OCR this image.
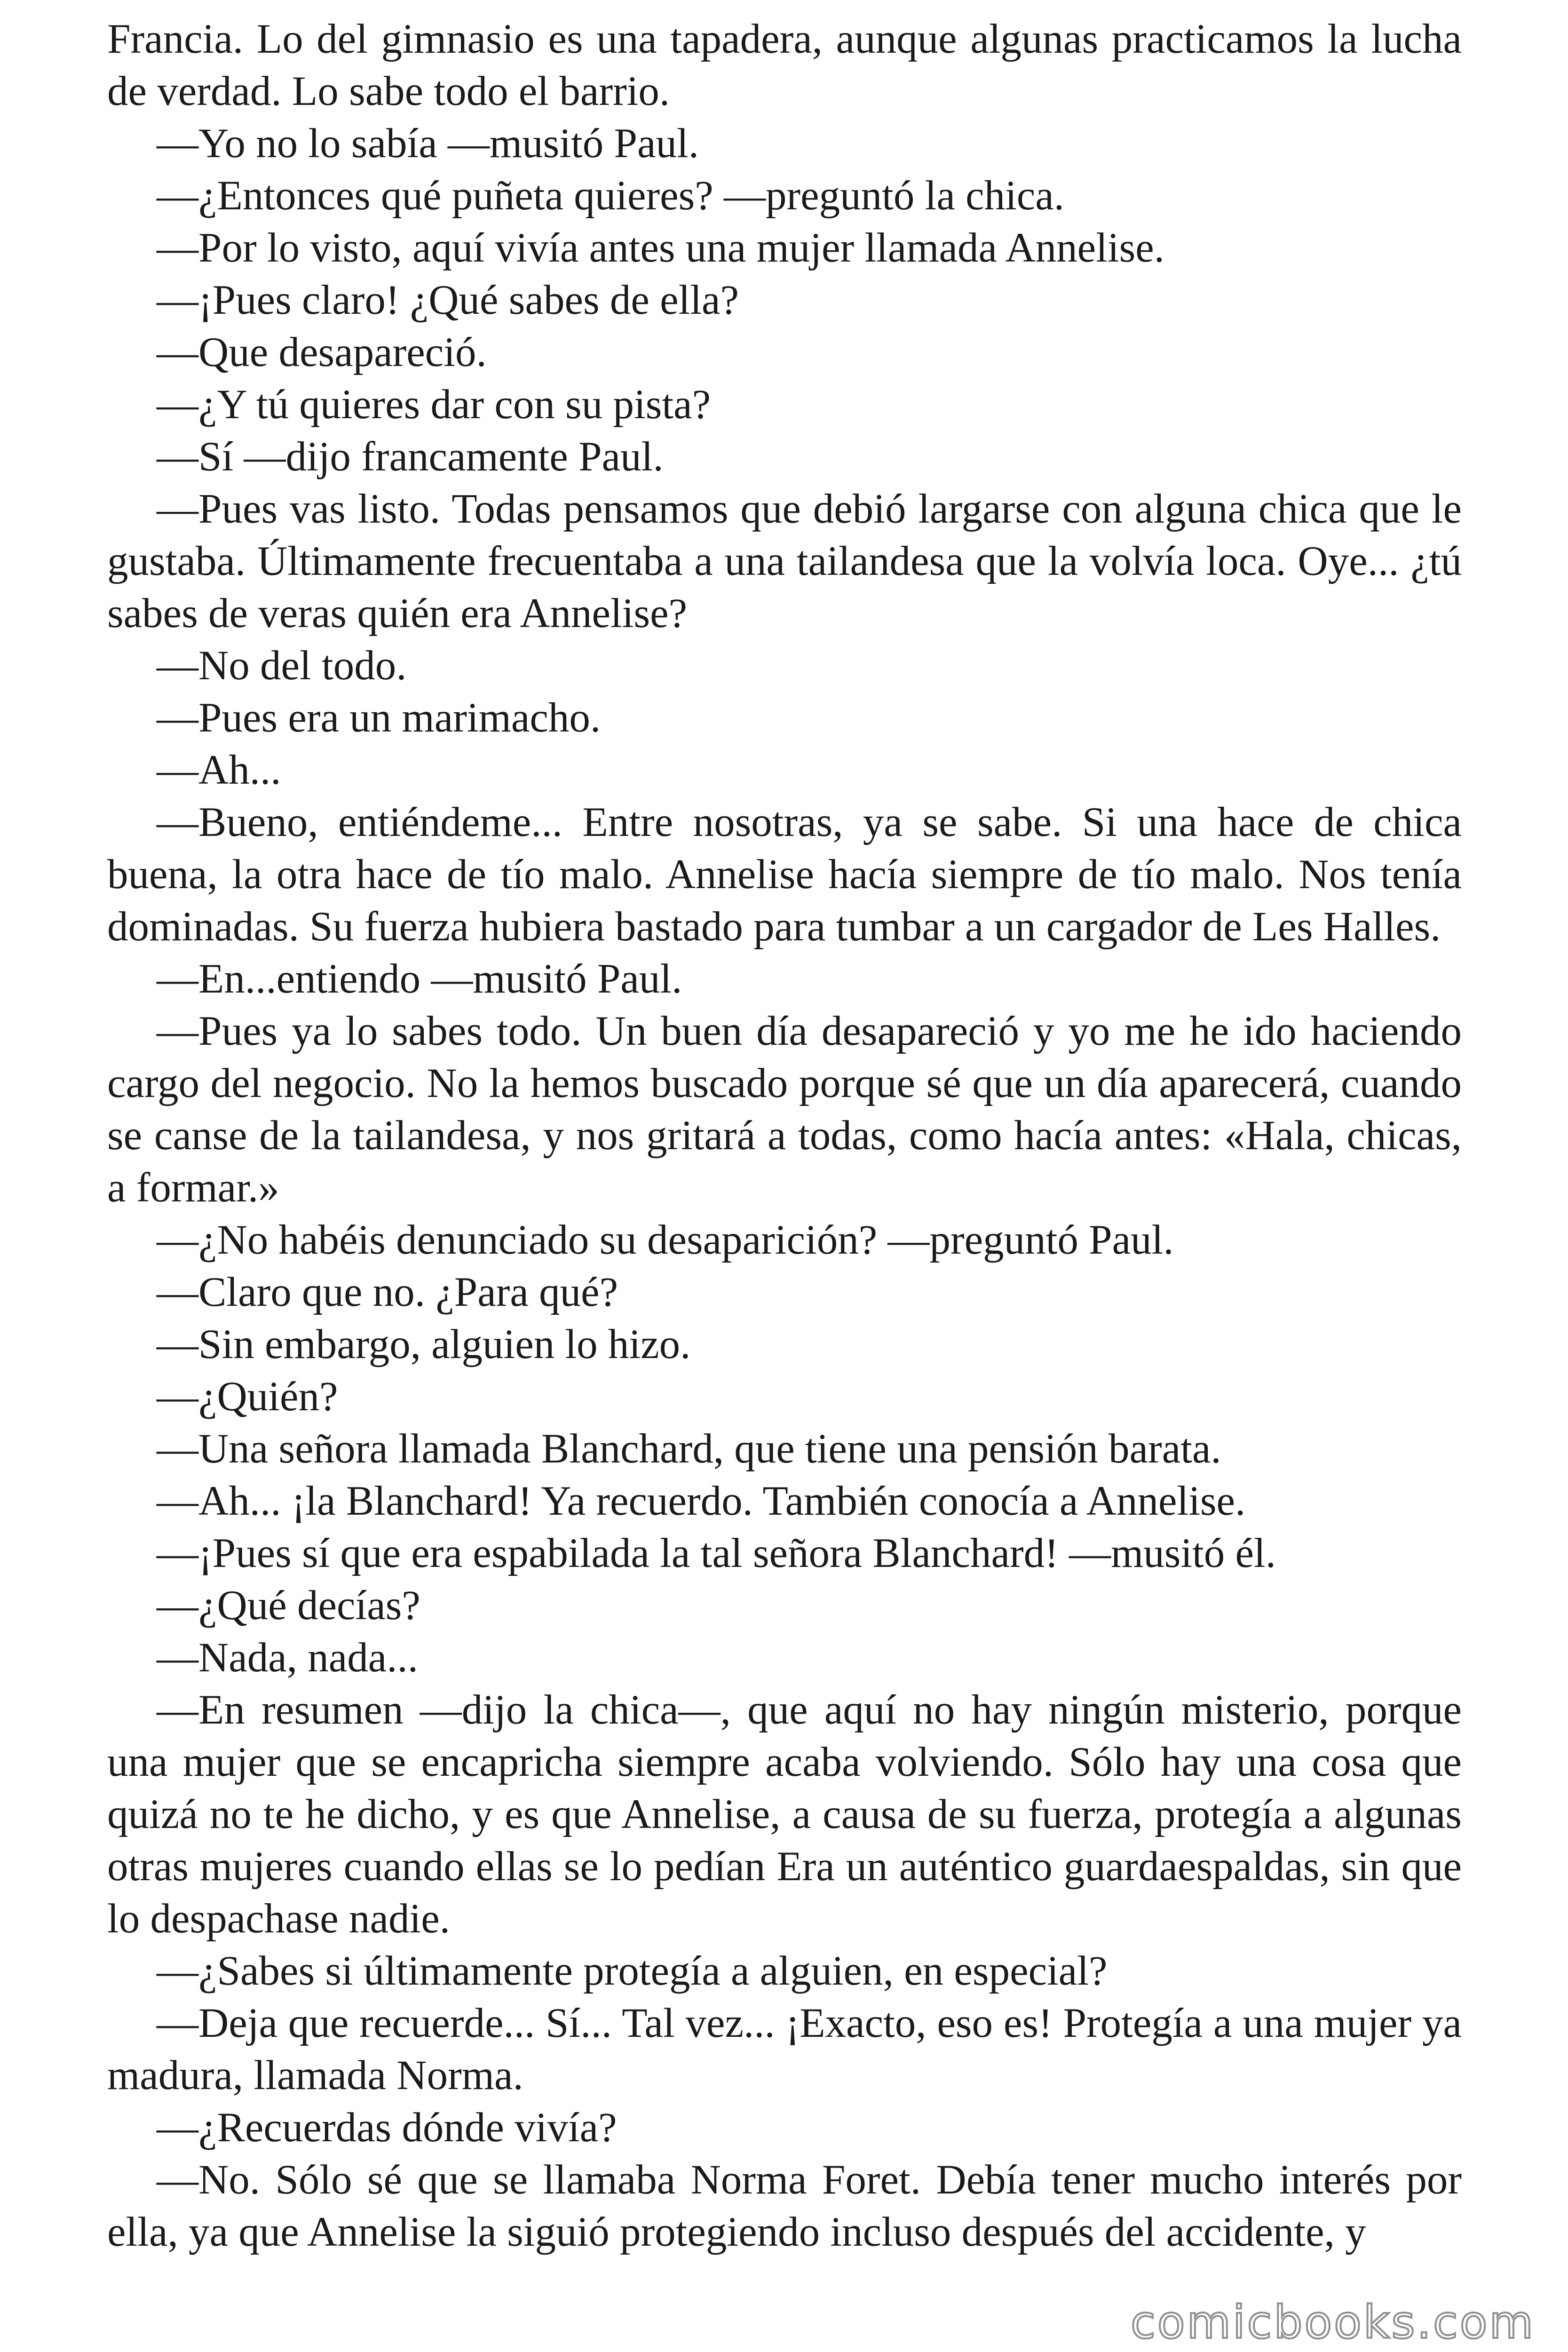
Francia. Lo del gimnasio es una tapadera, aunque algunas practicamos la lucha de verdad. Lo sabe todo el barrio.

—Yo no lo sabía —musitó Paul.

—¿Entonces qué puñeta quieres? —preguntó la chica.

—Por lo visto, aquí vivía antes una mujer llamada Annelise.

—¡Pues claro! ¿Qué sabes de ella?

—Que desapareció.

—¿Y tú quieres dar con su pista?

—Sí —dijo francamente Paul.

—Pues vas listo. Todas pensamos que debió largarse con alguna chica que le gustaba. Últimamente frecuentaba a una tailandesa que la volvía loca. Oye... ¿tú sabes de veras quién era Annelise?

—No del todo.

—Pues era un marimacho.

—Ah...

—Bueno, entiéndeme... Entre nosotras, ya se sabe. Si una hace de chica buena, la otra hace de tío malo. Annelise hacía siempre de tío malo. Nos tenía dominadas. Su fuerza hubiera bastado para tumbar a un cargador de Les Halles.

—En...entiendo —musitó Paul.

—Pues ya lo sabes todo. Un buen día desapareció y yo me he ido haciendo cargo del negocio. No la hemos buscado porque sé que un día aparecerá, cuando se canse de la tailandesa, y nos gritará a todas, como hacía antes: «Hala, chicas, a formar.»

—¿No habéis denunciado su desaparición? —preguntó Paul.

—Claro que no. ¿Para qué?

—Sin embargo, alguien lo hizo.

—¿Quién?

—Una señora llamada Blanchard, que tiene una pensión barata.

—Ah... ¡la Blanchard! Ya recuerdo. También conocía a Annelise.

—¡Pues sí que era espabilada la tal señora Blanchard! —musitó él.

—¿Qué decías?

—Nada, nada...

—En resumen —dijo la chica—, que aquí no hay ningún misterio, porque una mujer que se encapricha siempre acaba volviendo. Sólo hay una cosa que quizá no te he dicho, y es que Annelise, a causa de su fuerza, protegía a algunas otras mujeres cuando ellas se lo pedían Era un auténtico guardaespaldas, sin que lo despachase nadie.

—¿Sabes si últimamente protegía a alguien, en especial?

—Deja que recuerde... Sí... Tal vez... ¡Exacto, eso es! Protegía a una mujer ya madura, llamada Norma.

—¿Recuerdas dónde vivía?

—No. Sólo sé que se llamaba Norma Foret. Debía tener mucho interés por ella, ya que Annelise la siguió protegiendo incluso después del accidente, y

comicbooks.com
